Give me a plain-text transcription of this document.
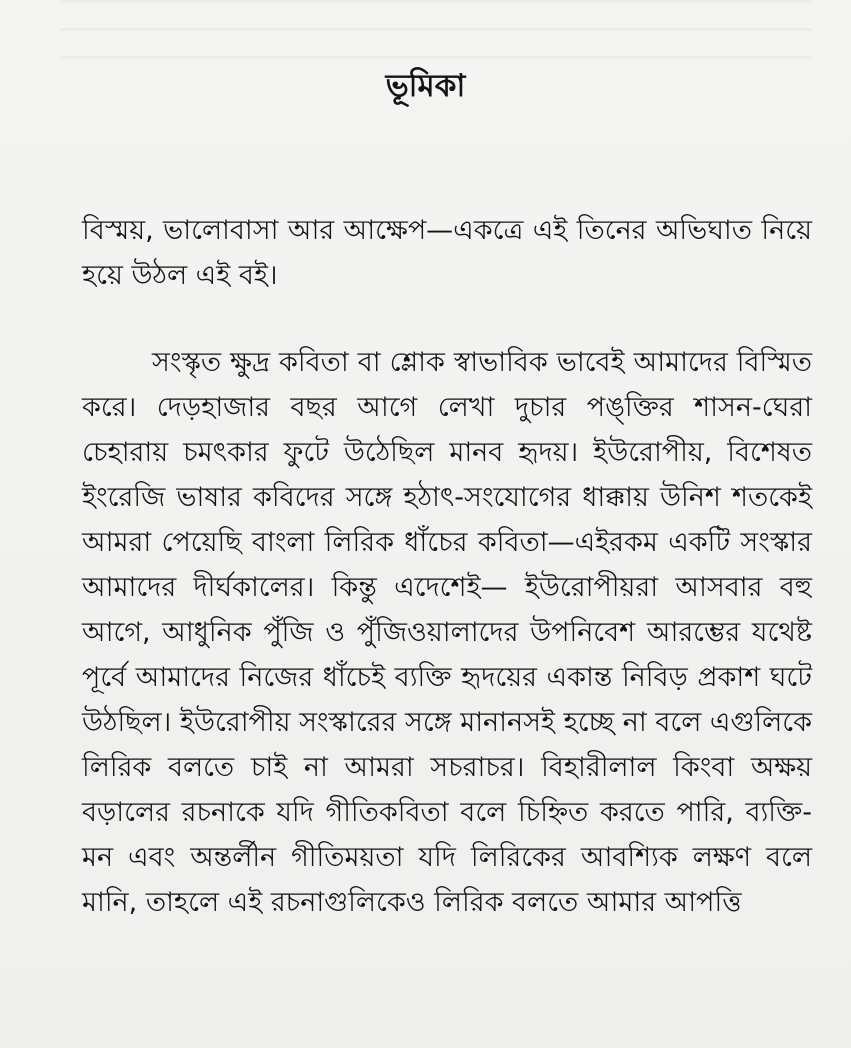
ভূমিকা
বিস্ময়, ভালোবাসা আর আক্ষেপ—একত্রে এই তিনের অভিঘাত নিয়ে হয়ে উঠল এই বই।
সংস্কৃত ক্ষুদ্র কবিতা বা শ্লোক স্বাভাবিক ভাবেই আমাদের বিস্মিত করে। দেড়হাজার বছর আগে লেখা দুচার পঙ্‌ক্তির শাসন-ঘেরা চেহারায় চমৎকার ফুটে উঠেছিল মানব হৃদয়। ইউরোপীয়, বিশেষত ইংরেজি ভাষার কবিদের সঙ্গে হঠাৎ-সংযোগের ধাক্কায় উনিশ শতকেই আমরা পেয়েছি বাংলা লিরিক ধাঁচের কবিতা—এইরকম একটি সংস্কার আমাদের দীর্ঘকালের। কিন্তু এদেশেই— ইউরোপীয়রা আসবার বহু আগে, আধুনিক পুঁজি ও পুঁজিওয়ালাদের উপনিবেশ আরম্ভের যথেষ্ট পূর্বে আমাদের নিজের ধাঁচেই ব্যক্তি হৃদয়ের একান্ত নিবিড় প্রকাশ ঘটে উঠছিল। ইউরোপীয় সংস্কারের সঙ্গে মানানসই হচ্ছে না বলে এগুলিকে লিরিক বলতে চাই না আমরা সচরাচর। বিহারীলাল কিংবা অক্ষয় বড়ালের রচনাকে যদি গীতিকবিতা বলে চিহ্নিত করতে পারি, ব্যক্তি-মন এবং অন্তর্লীন গীতিময়তা যদি লিরিকের আবশ্যিক লক্ষণ বলে মানি, তাহলে এই রচনাগুলিকেও লিরিক বলতে আমার আপত্তি
